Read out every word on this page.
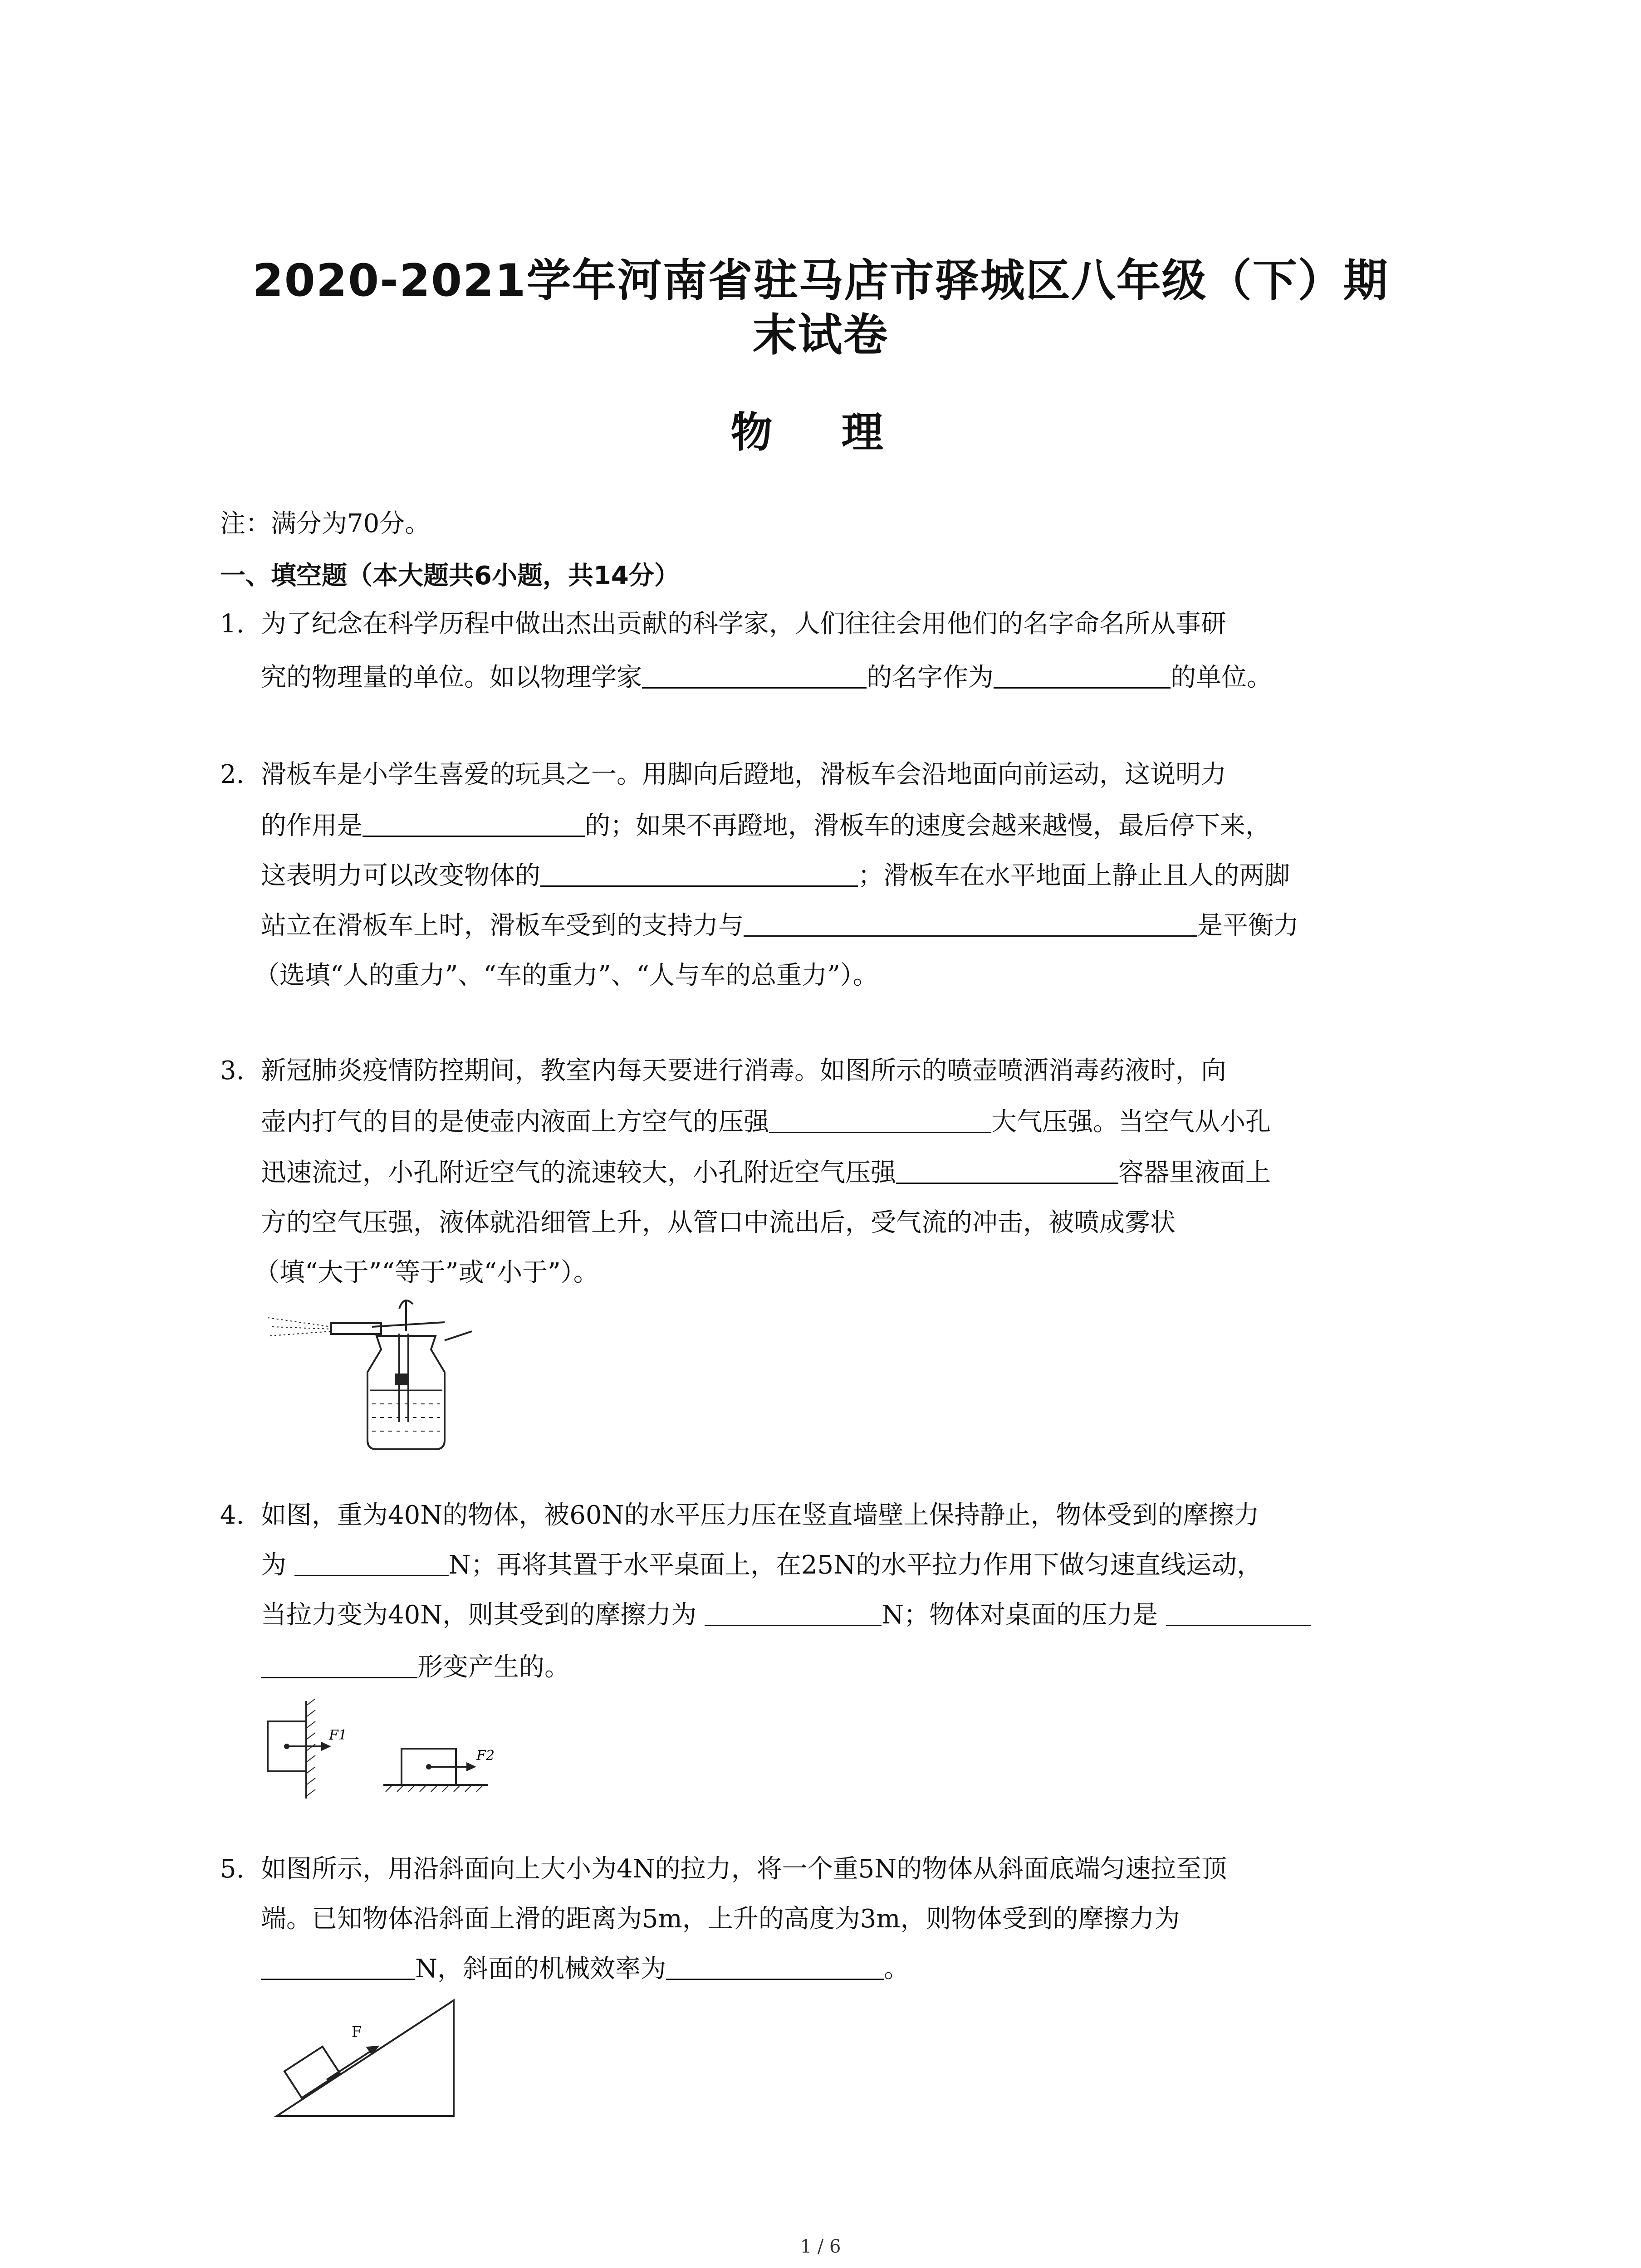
2020-2021学年河南省驻马店市驿城区八年级（下）期
末试卷
物 理
注：满分为70分。
一、填空题（本大题共6小题，共14分）
1. 为了纪念在科学历程中做出杰出贡献的科学家，人们往往会用他们的名字命名所从事研
究的物理量的单位。如以物理学家	的名字作为	的单位。
2. 滑板车是小学生喜爱的玩具之一。用脚向后蹬地，滑板车会沿地面向前运动，这说明力
的作用是	的；如果不再蹬地，滑板车的速度会越来越慢，最后停下来，
这表明力可以改变物体的	；滑板车在水平地面上静止且人的两脚
站立在滑板车上时，滑板车受到的支持力与	是平衡力
（选填“人的重力”、“车的重力”、“人与车的总重力”）。
3. 新冠肺炎疫情防控期间，教室内每天要进行消毒。如图所示的喷壶喷洒消毒药液时，向
壶内打气的目的是使壶内液面上方空气的压强	大气压强。当空气从小孔
迅速流过，小孔附近空气的流速较大，小孔附近空气压强	容器里液面上
方的空气压强，液体就沿细管上升，从管口中流出后，受气流的冲击，被喷成雾状
（填“大于”“等于”或“小于”）。
4. 如图，重为40N的物体，被60N的水平压力压在竖直墙壁上保持静止，物体受到的摩擦力
为	N；再将其置于水平桌面上，在25N的水平拉力作用下做匀速直线运动，
当拉力变为40N，则其受到的摩擦力为	N；物体对桌面的压力是
形变产生的。
F1
F2
5. 如图所示，用沿斜面向上大小为4N的拉力，将一个重5N的物体从斜面底端匀速拉至顶
端。已知物体沿斜面上滑的距离为5m，上升的高度为3m，则物体受到的摩擦力为
N，斜面的机械效率为	。
F
1 / 6
